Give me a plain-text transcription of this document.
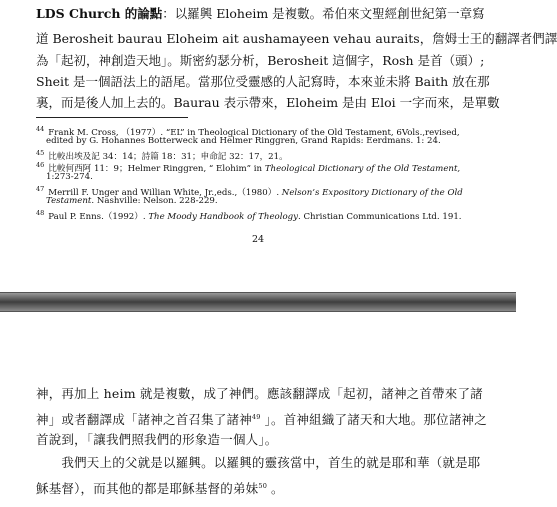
LDS Church 的論點：以羅興 Eloheim 是複數。希伯來文聖經創世紀第一章寫
道 Berosheit baurau Eloheim ait aushamayeen vehau auraits，詹姆士王的翻譯者們譯
為「起初，神創造天地」。斯密約瑟分析，Berosheit 這個字，Rosh 是首（頭）;
Sheit 是一個語法上的語尾。當那位受靈感的人記寫時，本來並未將 Baith 放在那
裏，而是後人加上去的。Baurau 表示帶來，Eloheim 是由 Eloi 一字而來，是單數
$^{44}$ Frank M. Cross, （1977）. “EL” in Theological Dictionary of the Old Testament, 6Vols.,revised,
edited by G. Hohannes Botterweck and Helmer Ringgren, Grand Rapids: Eerdmans. 1: 24.
$^{45}$ 比較出埃及記 34：14；詩篇 18：31；申命記 32：17，21。
$^{46}$ 比較何西阿 11：9；Helmer Ringgren, “ Elohim” in Theological Dictionary of the Old Testament,
1:273-274.
$^{47}$ Merrill F. Unger and Willian White, Jr.,eds.,（1980）. Nelson’s Expository Dictionary of the Old
Testament. Nashville: Nelson. 228-229.
$^{48}$ Paul P. Enns.（1992）. The Moody Handbook of Theology. Christian Communications Ltd. 191.
24
神，再加上 heim 就是複數，成了神們。應該翻譯成「起初，諸神之首帶來了諸
神」或者翻譯成「諸神之首召集了諸神$^{49}$ 」。首神組織了諸天和大地。那位諸神之
首說到，「讓我們照我們的形象造一個人」。
　　我們天上的父就是以羅興。以羅興的靈孩當中，首生的就是耶和華（就是耶
穌基督），而其他的都是耶穌基督的弟妹$^{50}$ 。
